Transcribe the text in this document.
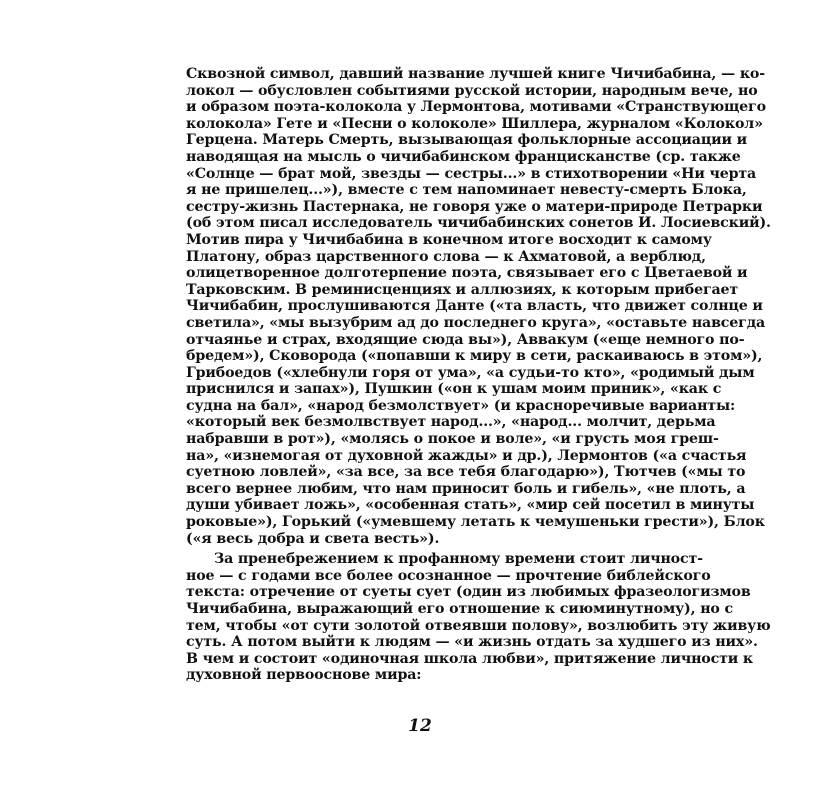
Сквозной символ, давший название лучшей книге Чичибабина, — ко-
локол — обусловлен событиями русской истории, народным вече, но
и образом поэта-колокола у Лермонтова, мотивами «Странствующего
колокола» Гете и «Песни о колоколе» Шиллера, журналом «Колокол»
Герцена. Матерь Смерть, вызывающая фольклорные ассоциации и
наводящая на мысль о чичибабинском францисканстве (ср. также
«Солнце — брат мой, звезды — сестры...» в стихотворении «Ни черта
я не пришелец...»), вместе с тем напоминает невесту-смерть Блока,
сестру-жизнь Пастернака, не говоря уже о матери-природе Петрарки
(об этом писал исследователь чичибабинских сонетов И. Лосиевский).
Мотив пира у Чичибабина в конечном итоге восходит к самому
Платону, образ царственного слова — к Ахматовой, а верблюд,
олицетворенное долготерпение поэта, связывает его с Цветаевой и
Тарковским. В реминисценциях и аллюзиях, к которым прибегает
Чичибабин, прослушиваются Данте («та власть, что движет солнце и
светила», «мы вызубрим ад до последнего круга», «оставьте навсегда
отчаянье и страх, входящие сюда вы»), Аввакум («еще немного по-
бредем»), Сковорода («попавши к миру в сети, раскаиваюсь в этом»),
Грибоедов («хлебнули горя от ума», «а судьи-то кто», «родимый дым
приснился и запах»), Пушкин («он к ушам моим приник», «как с
судна на бал», «народ безмолствует» (и красноречивые варианты:
«который век безмолвствует народ...», «народ... молчит, дерьма
набравши в рот»), «молясь о покое и воле», «и грусть моя греш-
на», «изнемогая от духовной жажды» и др.), Лермонтов («а счастья
суетною ловлей», «за все, за все тебя благодарю»), Тютчев («мы то
всего вернее любим, что нам приносит боль и гибель», «не плоть, а
души убивает ложь», «особенная стать», «мир сей посетил в минуты
роковые»), Горький («умевшему летать к чемушеньки грести»), Блок
(«я весь добра и света весть»).
За пренебрежением к профанному времени стоит личност-
ное — с годами все более осознанное — прочтение библейского
текста: отречение от суеты сует (один из любимых фразеологизмов
Чичибабина, выражающий его отношение к сиюминутному), но с
тем, чтобы «от сути золотой отвеявши полову», возлюбить эту живую
суть. А потом выйти к людям — «и жизнь отдать за худшего из них».
В чем и состоит «одиночная школа любви», притяжение личности к
духовной первооснове мира:
12
